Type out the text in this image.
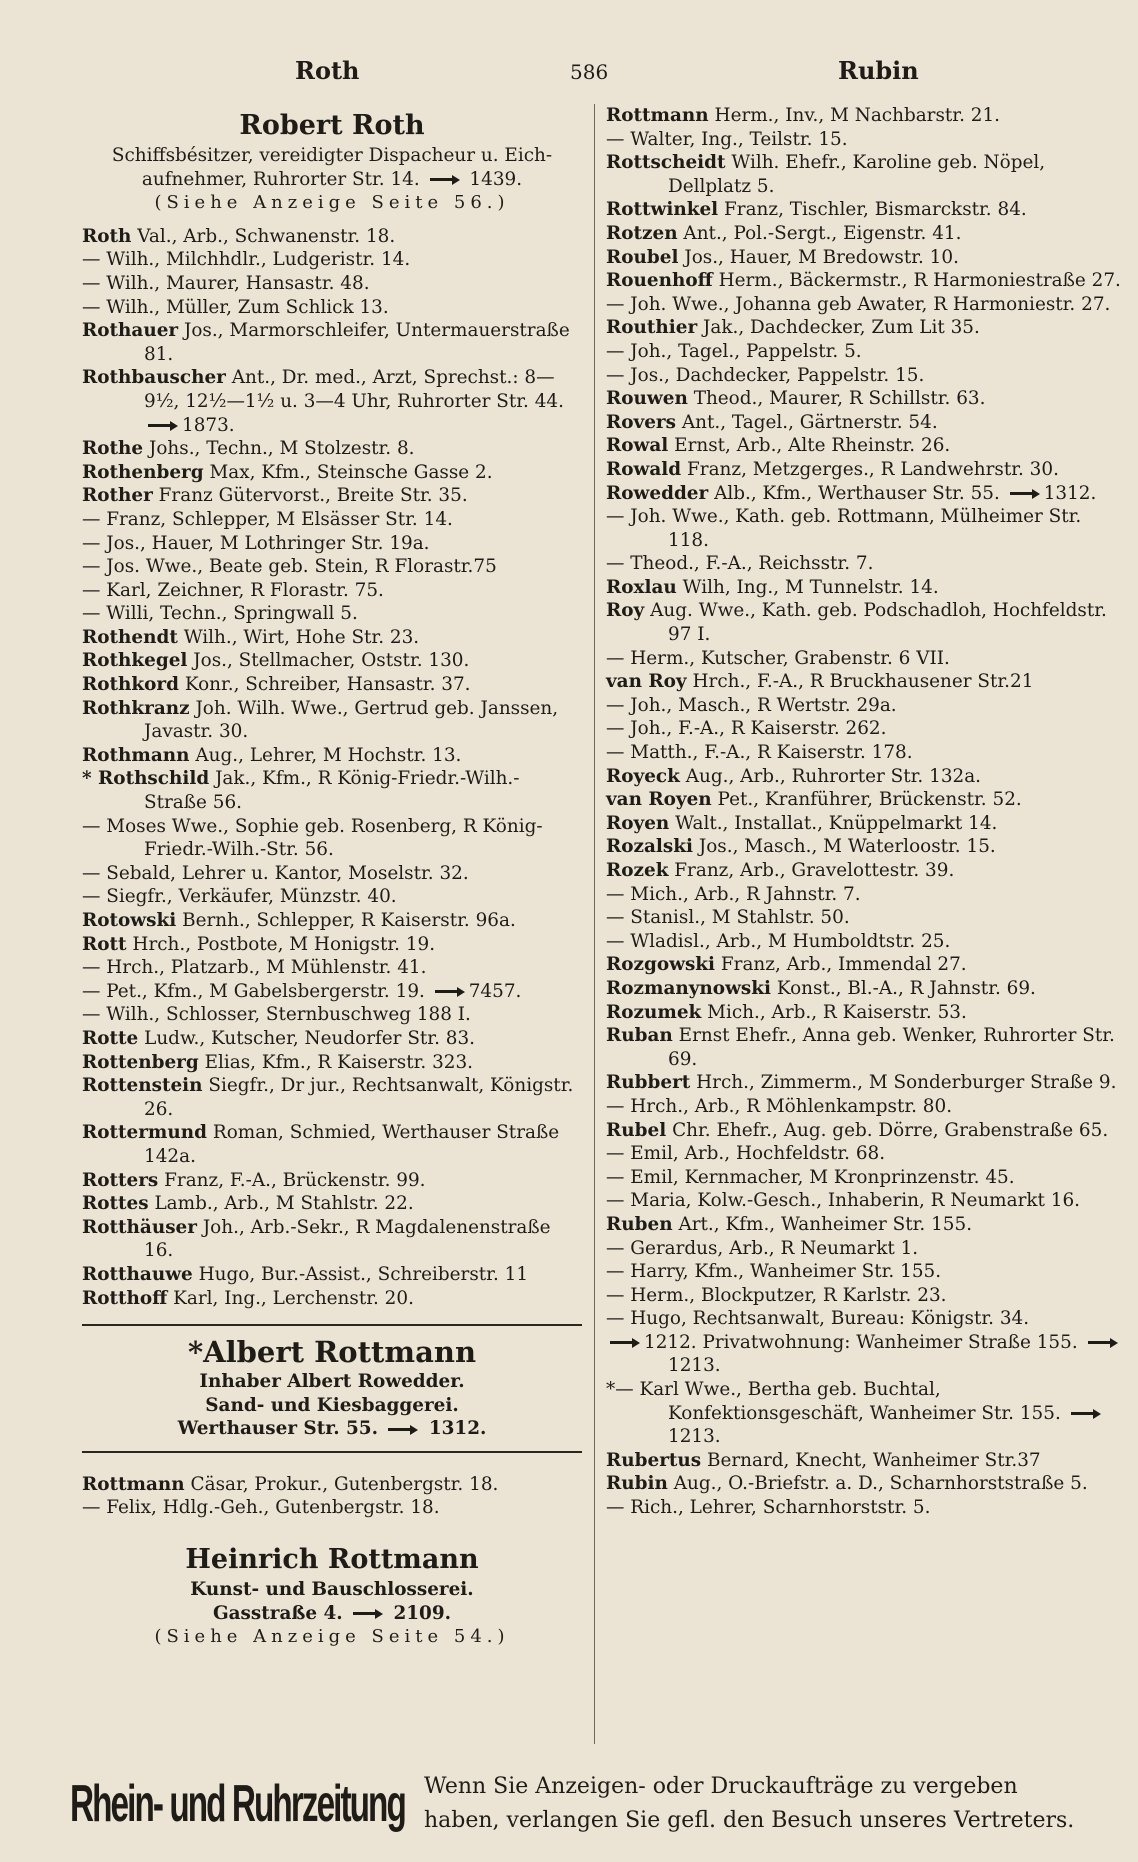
Roth	586	Rubin
Robert Roth
Schiffsbésitzer, vereidigter Dispacheur u. Eich-
aufnehmer, Ruhrorter Str. 14.	1439.
(Siehe Anzeige Seite 56.)
Roth Val., Arb., Schwanenstr. 18.
— Wilh., Milchhdlr., Ludgeristr. 14.
— Wilh., Maurer, Hansastr. 48.
— Wilh., Müller, Zum Schlick 13.
Rothauer Jos., Marmorschleifer, Untermauerstraße 81.
Rothbauscher Ant., Dr. med., Arzt, Sprechst.: 8—9½, 12½—1½ u. 3—4 Uhr, Ruhrorter Str. 44. 1873.
Rothe Johs., Techn., M Stolzestr. 8.
Rothenberg Max, Kfm., Steinsche Gasse 2.
Rother Franz Gütervorst., Breite Str. 35.
— Franz, Schlepper, M Elsässer Str. 14.
— Jos., Hauer, M Lothringer Str. 19a.
— Jos. Wwe., Beate geb. Stein, R Florastr.75
— Karl, Zeichner, R Florastr. 75.
— Willi, Techn., Springwall 5.
Rothendt Wilh., Wirt, Hohe Str. 23.
Rothkegel Jos., Stellmacher, Oststr. 130.
Rothkord Konr., Schreiber, Hansastr. 37.
Rothkranz Joh. Wilh. Wwe., Gertrud geb. Janssen, Javastr. 30.
Rothmann Aug., Lehrer, M Hochstr. 13.
* Rothschild Jak., Kfm., R König-Friedr.-Wilh.-Straße 56.
— Moses Wwe., Sophie geb. Rosenberg, R König-Friedr.-Wilh.-Str. 56.
— Sebald, Lehrer u. Kantor, Moselstr. 32.
— Siegfr., Verkäufer, Münzstr. 40.
Rotowski Bernh., Schlepper, R Kaiserstr. 96a.
Rott Hrch., Postbote, M Honigstr. 19.
— Hrch., Platzarb., M Mühlenstr. 41.
— Pet., Kfm., M Gabelsbergerstr. 19. 7457.
— Wilh., Schlosser, Sternbuschweg 188 I.
Rotte Ludw., Kutscher, Neudorfer Str. 83.
Rottenberg Elias, Kfm., R Kaiserstr. 323.
Rottenstein Siegfr., Dr jur., Rechtsanwalt, Königstr. 26.
Rottermund Roman, Schmied, Werthauser Straße 142a.
Rotters Franz, F.-A., Brückenstr. 99.
Rottes Lamb., Arb., M Stahlstr. 22.
Rotthäuser Joh., Arb.-Sekr., R Magdalenenstraße 16.
Rotthauwe Hugo, Bur.-Assist., Schreiberstr. 11
Rotthoff Karl, Ing., Lerchenstr. 20.
*Albert Rottmann
Inhaber Albert Rowedder.
Sand- und Kiesbaggerei.
Werthauser Str. 55.	1312.
Rottmann Cäsar, Prokur., Gutenbergstr. 18.
— Felix, Hdlg.-Geh., Gutenbergstr. 18.
Heinrich Rottmann
Kunst- und Bauschlosserei.
Gasstraße 4.	2109.
(Siehe Anzeige Seite 54.)
Rottmann Herm., Inv., M Nachbarstr. 21.
— Walter, Ing., Teilstr. 15.
Rottscheidt Wilh. Ehefr., Karoline geb. Nöpel, Dellplatz 5.
Rottwinkel Franz, Tischler, Bismarckstr. 84.
Rotzen Ant., Pol.-Sergt., Eigenstr. 41.
Roubel Jos., Hauer, M Bredowstr. 10.
Rouenhoff Herm., Bäckermstr., R Harmoniestraße 27.
— Joh. Wwe., Johanna geb Awater, R Harmoniestr. 27.
Routhier Jak., Dachdecker, Zum Lit 35.
— Joh., Tagel., Pappelstr. 5.
— Jos., Dachdecker, Pappelstr. 15.
Rouwen Theod., Maurer, R Schillstr. 63.
Rovers Ant., Tagel., Gärtnerstr. 54.
Rowal Ernst, Arb., Alte Rheinstr. 26.
Rowald Franz, Metzgerges., R Landwehrstr. 30.
Rowedder Alb., Kfm., Werthauser Str. 55. 1312.
— Joh. Wwe., Kath. geb. Rottmann, Mülheimer Str. 118.
— Theod., F.-A., Reichsstr. 7.
Roxlau Wilh, Ing., M Tunnelstr. 14.
Roy Aug. Wwe., Kath. geb. Podschadloh, Hochfeldstr. 97 I.
— Herm., Kutscher, Grabenstr. 6 VII.
van Roy Hrch., F.-A., R Bruckhausener Str.21
— Joh., Masch., R Wertstr. 29a.
— Joh., F.-A., R Kaiserstr. 262.
— Matth., F.-A., R Kaiserstr. 178.
Royeck Aug., Arb., Ruhrorter Str. 132a.
van Royen Pet., Kranführer, Brückenstr. 52.
Royen Walt., Installat., Knüppelmarkt 14.
Rozalski Jos., Masch., M Waterloostr. 15.
Rozek Franz, Arb., Gravelottestr. 39.
— Mich., Arb., R Jahnstr. 7.
— Stanisl., M Stahlstr. 50.
— Wladisl., Arb., M Humboldtstr. 25.
Rozgowski Franz, Arb., Immendal 27.
Rozmanynowski Konst., Bl.-A., R Jahnstr. 69.
Rozumek Mich., Arb., R Kaiserstr. 53.
Ruban Ernst Ehefr., Anna geb. Wenker, Ruhrorter Str. 69.
Rubbert Hrch., Zimmerm., M Sonderburger Straße 9.
— Hrch., Arb., R Möhlenkampstr. 80.
Rubel Chr. Ehefr., Aug. geb. Dörre, Grabenstraße 65.
— Emil, Arb., Hochfeldstr. 68.
— Emil, Kernmacher, M Kronprinzenstr. 45.
— Maria, Kolw.-Gesch., Inhaberin, R Neumarkt 16.
Ruben Art., Kfm., Wanheimer Str. 155.
— Gerardus, Arb., R Neumarkt 1.
— Harry, Kfm., Wanheimer Str. 155.
— Herm., Blockputzer, R Karlstr. 23.
— Hugo, Rechtsanwalt, Bureau: Königstr. 34.
1212. Privatwohnung: Wanheimer Straße 155. 1213.
*— Karl Wwe., Bertha geb. Buchtal, Konfektionsgeschäft, Wanheimer Str. 155. 1213.
Rubertus Bernard, Knecht, Wanheimer Str.37
Rubin Aug., O.-Briefstr. a. D., Scharnhorststraße 5.
— Rich., Lehrer, Scharnhorststr. 5.
Rhein- und Ruhrzeitung Wenn Sie Anzeigen- oder Druckaufträge zu vergeben
haben, verlangen Sie gefl. den Besuch unseres Vertreters.
